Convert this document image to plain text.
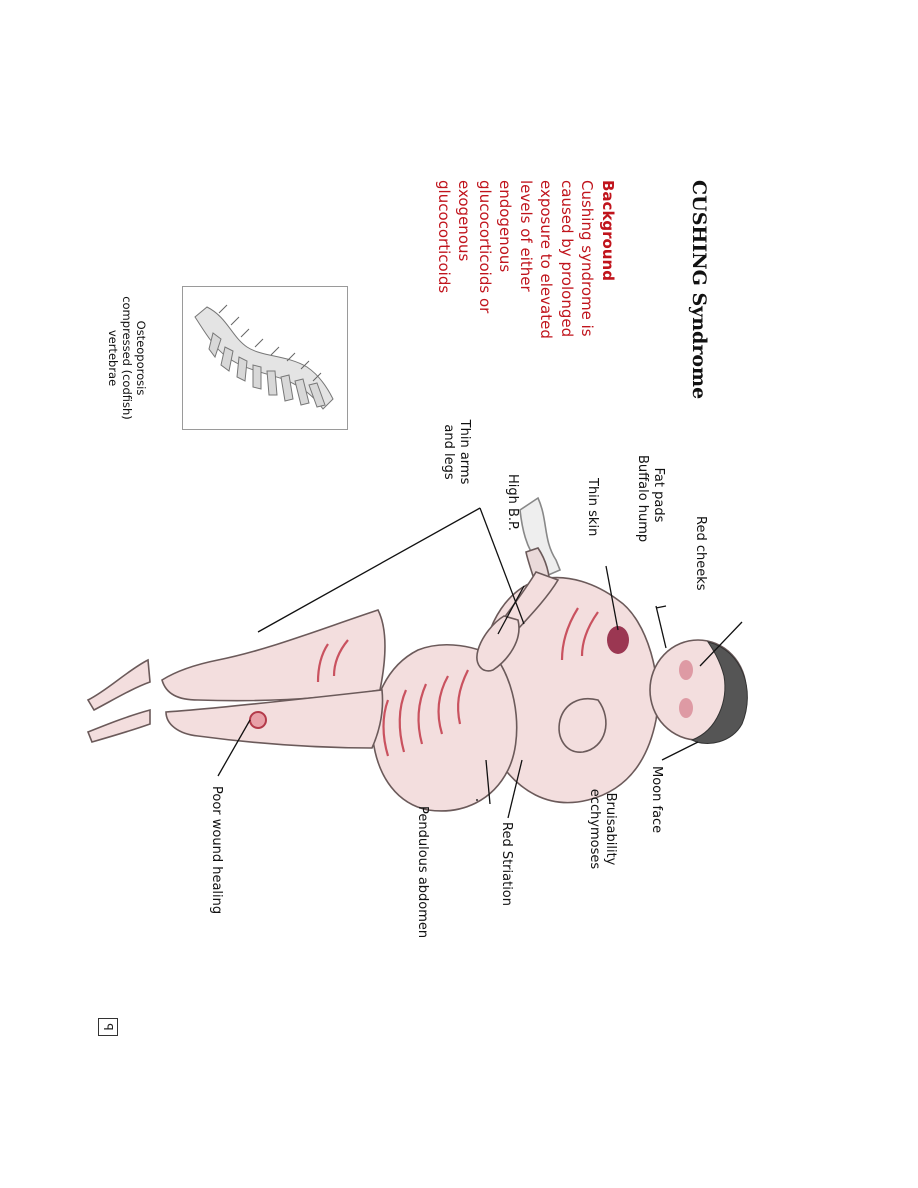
CUSHING Syndrome
Background
Cushing syndrome is caused by prolonged exposure to elevated levels of either endogenous glucocorticoids or exogenous glucocorticoids
Osteoporosis
compressed (codfish)
vertebrae
Red cheeks
Fat pads
Buffalo hump
Thin skin
High B.P.
Thin arms
and legs
Moon face
Bruisability
ecchymoses
Red Striation
Pendulous abdomen
Poor wound healing
ꟼ
